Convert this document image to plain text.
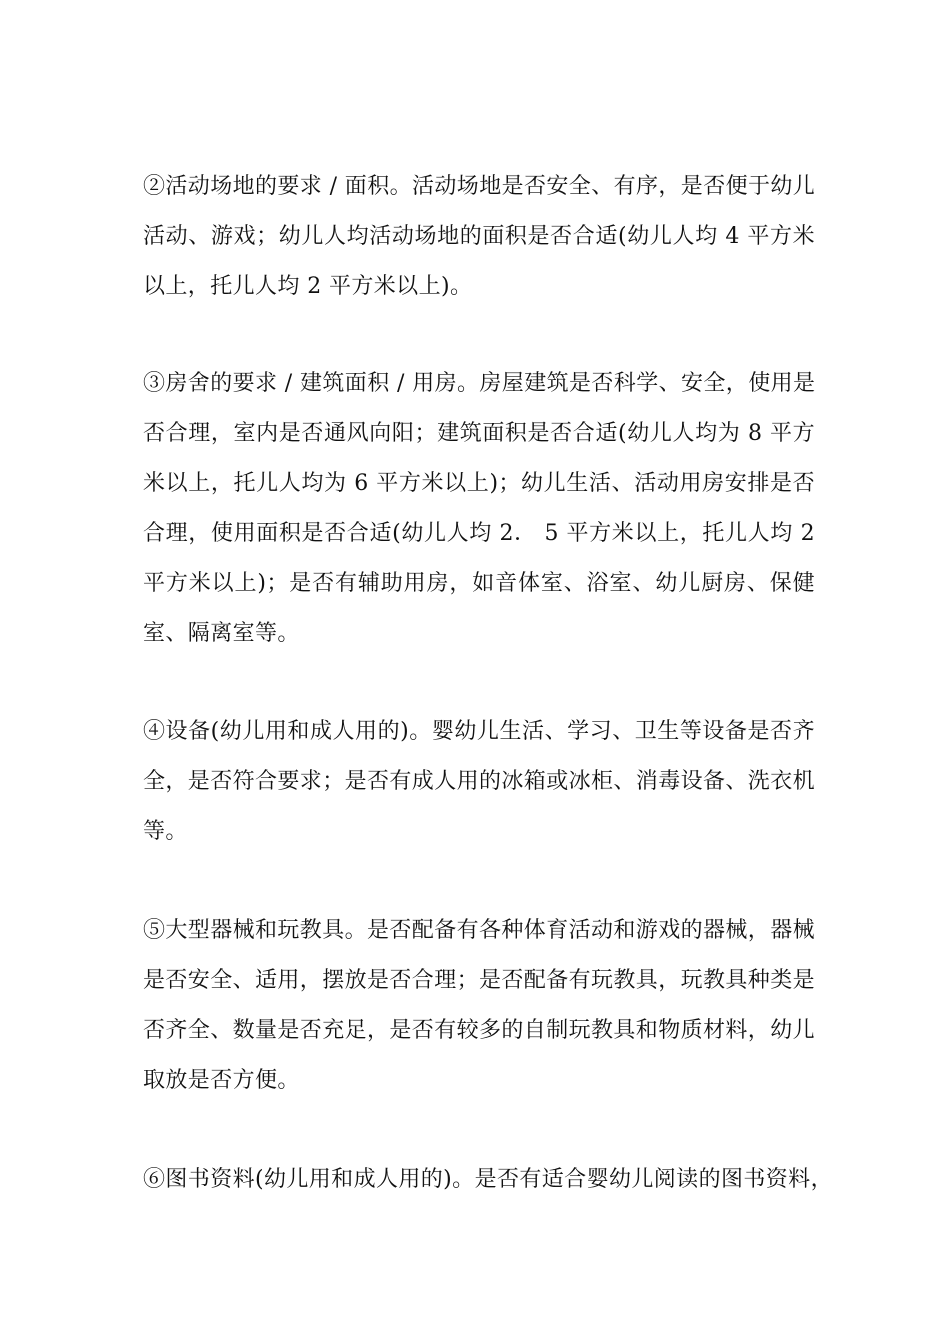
②活动场地的要求 / 面积。活动场地是否安全、有序，是否便于幼儿
活动、游戏；幼儿人均活动场地的面积是否合适(幼儿人均 4 平方米
以上，托儿人均 2 平方米以上)。
③房舍的要求 / 建筑面积 / 用房。房屋建筑是否科学、安全，使用是
否合理，室内是否通风向阳；建筑面积是否合适(幼儿人均为 8 平方
米以上，托儿人均为 6 平方米以上)；幼儿生活、活动用房安排是否
合理，使用面积是否合适(幼儿人均 2． 5 平方米以上，托儿人均 2
平方米以上)；是否有辅助用房，如音体室、浴室、幼儿厨房、保健
室、隔离室等。
④设备(幼儿用和成人用的)。婴幼儿生活、学习、卫生等设备是否齐
全，是否符合要求；是否有成人用的冰箱或冰柜、消毒设备、洗衣机
等。
⑤大型器械和玩教具。是否配备有各种体育活动和游戏的器械，器械
是否安全、适用，摆放是否合理；是否配备有玩教具，玩教具种类是
否齐全、数量是否充足，是否有较多的自制玩教具和物质材料，幼儿
取放是否方便。
⑥图书资料(幼儿用和成人用的)。是否有适合婴幼儿阅读的图书资料，
